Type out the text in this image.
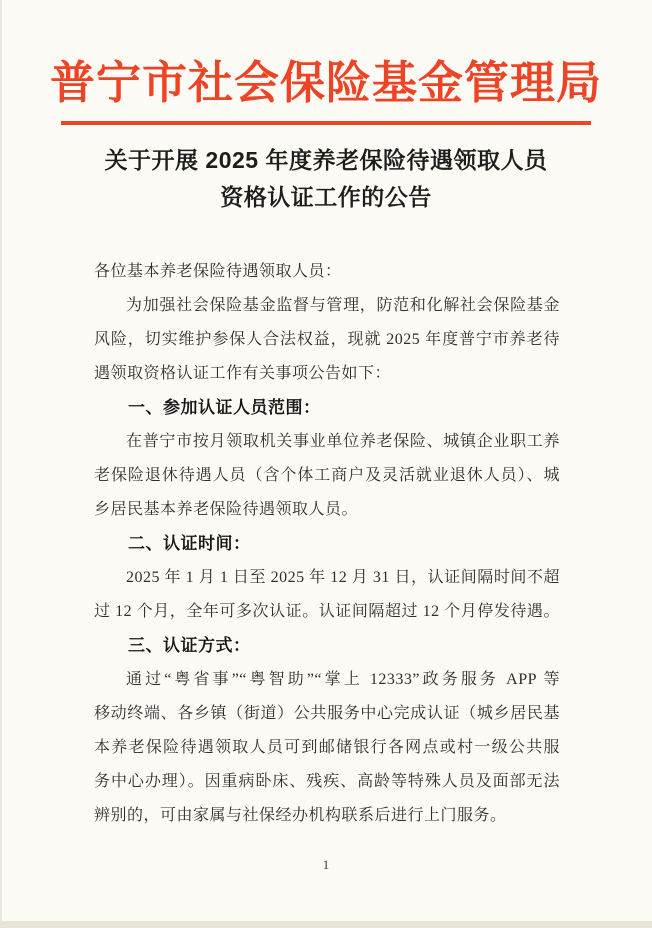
普宁市社会保险基金管理局
关于开展 2025 年度养老保险待遇领取人员
资格认证工作的公告
各位基本养老保险待遇领取人员：
为加强社会保险基金监督与管理，防范和化解社会保险基金
风险，切实维护参保人合法权益，现就 2025 年度普宁市养老待
遇领取资格认证工作有关事项公告如下：
一、参加认证人员范围：
在普宁市按月领取机关事业单位养老保险、城镇企业职工养
老保险退休待遇人员（含个体工商户及灵活就业退休人员）、城
乡居民基本养老保险待遇领取人员。
二、认证时间：
2025 年 1 月 1 日至 2025 年 12 月 31 日，认证间隔时间不超
过 12 个月，全年可多次认证。认证间隔超过 12 个月停发待遇。
三、认证方式：
通过“粤省事”“粤智助”“掌上 12333”政务服务 APP 等
移动终端、各乡镇（街道）公共服务中心完成认证（城乡居民基
本养老保险待遇领取人员可到邮储银行各网点或村一级公共服
务中心办理）。因重病卧床、残疾、高龄等特殊人员及面部无法
辨别的，可由家属与社保经办机构联系后进行上门服务。
1
